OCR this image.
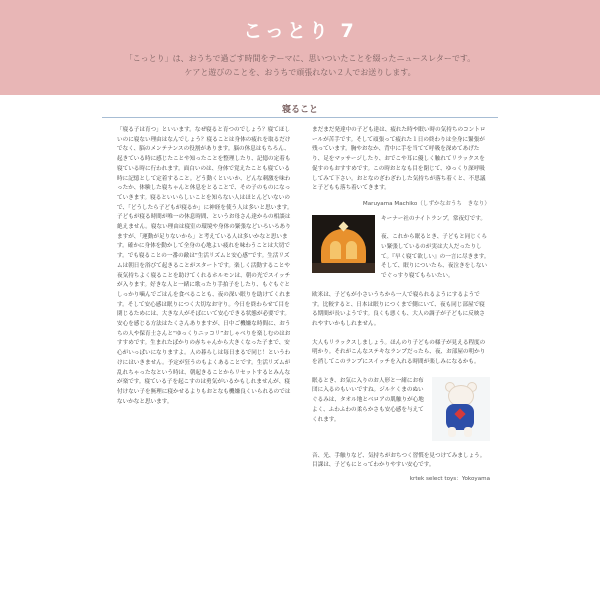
こっとり 7
「こっとり」は、おうちで過ごす時間をテーマに、思いついたことを綴ったニュースレターです。
ケアと遊びのことを、おうちで頑張れない２人でお送りします。
寝ること

「寝る子は育つ」といいます。なぜ寝ると育つのでしょう？寝てほしいのに寝ない理由はなんでしょう？寝ることは身体の疲れを取るだけでなく、脳のメンテナンスの役割があります。脳の休息はもちろん、起きている時に感じたことや知ったことを整理したり、記憶の定着も寝ている時に行われます。面白いのは、身体で覚えたことも寝ている時に記憶として定着すること。どう動くといいか、どんな刺激を味わったか、体験した寝ちゃんと休息をとることで、その子のものになっていきます。寝るといいらしいことを知らない人はほとんどいないので、「どうしたら子どもが寝るか」に神経を使う人は多いと思います。子どもが寝る時間が唯一の休息時間、というお母さん達からの相談は絶えません。寝ない理由は寝室の環境や身体の緊張などいろいろありますが、「運動が足りないから」と考えている人は多いかなと思います。確かに身体を動かして全身の心地よい疲れを味わうことは大切です。でも寝ることの一番の敵は“生活リズムと安心感”です。生活リズムは朝日を浴びて起きることがスタートです。楽しく活動することや夜気持ちよく寝ることを助けてくれるホルモンは、朝の光でスイッチが入ります。好きな人と一緒に歌ったり手拍子をしたり、もぐもぐとしっかり噛んでごはんを食べることも、夜の深い眠りを助けてくれます。そして安心感は眠りにつく大切なお守り。今日を終わらせて目を閉じるためには、大きな人がそばにいて安心できる状態が必要です。安心を感じる方法はたくさんありますが、日中ご機嫌な時間に、おうちの人や保育士さんと“ゆっくりニッコリ”おしゃべりを楽しむのはおすすめです。生まれたばかりの赤ちゃんから大きくなった子まで、安心がいっぱいになりますよ。人の暮らしは毎日まるで同じ！というわけにはいきません。予定が狂うのもよくあることです。生活リズムが乱れちゃったなという時は、朝起きることからリセットするとみんなが楽です。寝ている子を起こすのは勇気がいるかもしれませんが、寝付けない子を無理に寝かせるよりもおとなも機嫌良くいられるのではないかなと思います。

まだまだ発達中の子ども達は、疲れた時や眠い時の気持ちのコントロールが苦手です。そして頑張って疲れた１日の終わりは全身に緊張が残っています。胸やおなか、背中に手を当てて呼吸を深めてあげたり、足をマッサージしたり、おでこや耳に優しく触れてリラックスを促すのもおすすめです。この時おとなも目を閉じて、ゆっくり深呼吸してみて下さい。おとなのざわざわした気持ちが落ち着くと、不思議と子どもも落ち着いてきます。

Maruyama Machiko（しずかなおうち　きなり）

キーナー社のナイトランプ。常夜灯です。

夜、これから眠るとき、子どもと同じくらい緊張しているのが実は大人だったりして。『早く寝て欲しい』の一言に尽きます。そして、眠りについたら、夜泣きをしないでぐっすり寝てもらいたい。

欧米は、子どもが小さいうちから一人で寝られるようにするようです。比較すると、日本は眠りにつくまで側にいて、夜も同じ部屋で寝る期間が長いようです。良くも悪くも、大人の調子が子どもに反映されやすいかもしれません。

大人もリラックスしましょう。ほんのり子どもの様子が見える程度の明かり。それがこんなステキなランプだったら、夜、お部屋の明かりを消してこのランプにスイッチを入れる時間が楽しみになるかも。

眠るとき、お気に入りのお人形と一緒にお布団に入るのもいいですね。ジルケくまのぬいぐるみは、タオル地とベロアの肌触りが心地よく、ふわふわの柔らかさも安心感を与えてくれます。

音、光、手触りなど、気持ちがおちつく習慣を見つけてみましょう。目課は、子どもにとってわかりやすい安心です。

krtek select toys：Yokoyama
